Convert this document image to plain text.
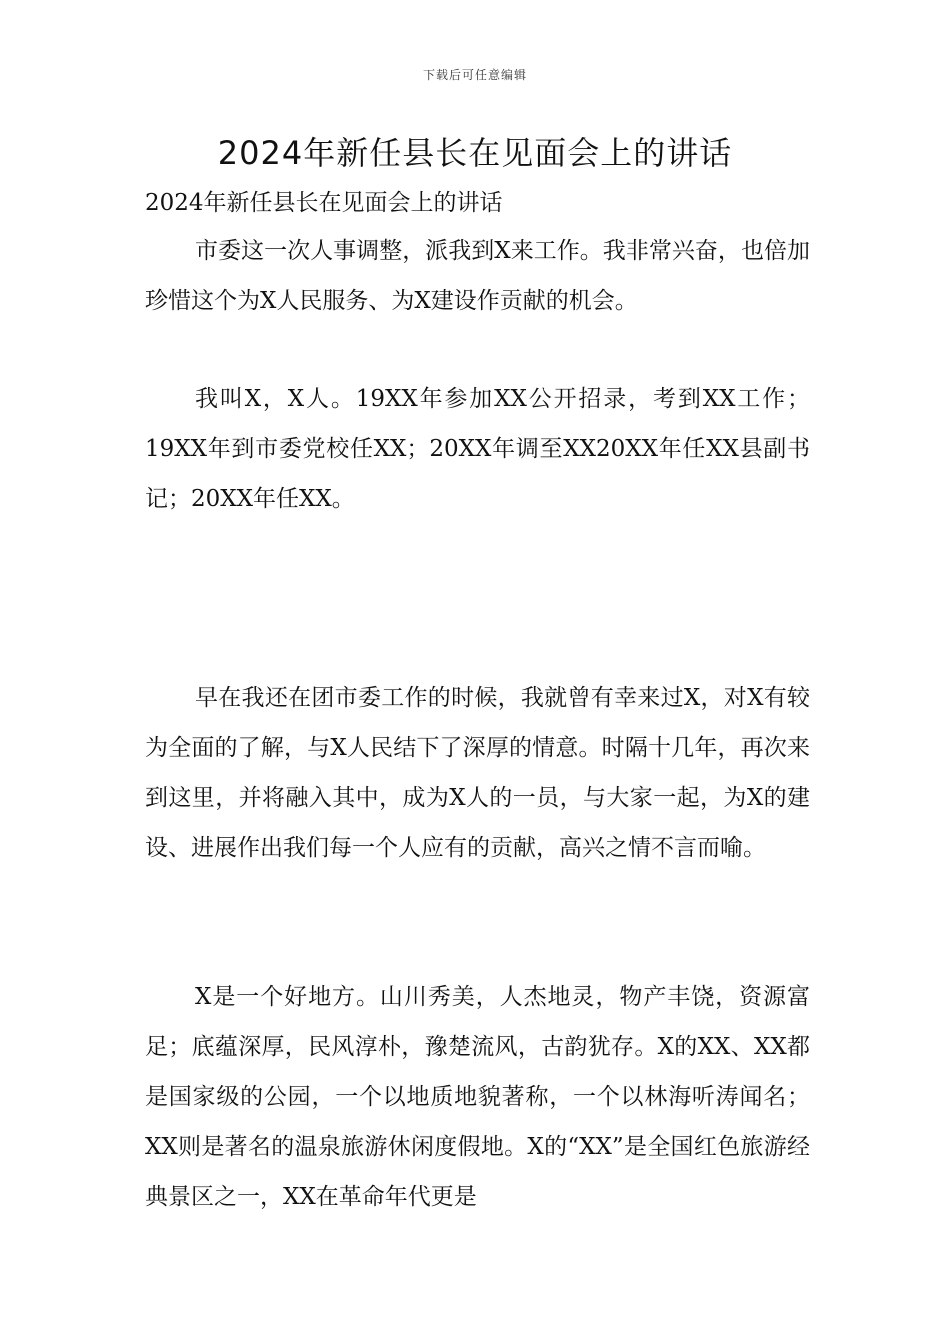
下载后可任意编辑
2024年新任县长在见面会上的讲话
2024年新任县长在见面会上的讲话

市委这一次人事调整，派我到X来工作。我非常兴奋，也倍加珍惜这个为X人民服务、为X建设作贡献的机会。

我叫X，X人。19XX年参加XX公开招录，考到XX工作；19XX年到市委党校任XX；20XX年调至XX20XX年任XX县副书记；20XX年任XX。

早在我还在团市委工作的时候，我就曾有幸来过X，对X有较为全面的了解，与X人民结下了深厚的情意。时隔十几年，再次来到这里，并将融入其中，成为X人的一员，与大家一起，为X的建设、进展作出我们每一个人应有的贡献，高兴之情不言而喻。

X是一个好地方。山川秀美，人杰地灵，物产丰饶，资源富足；底蕴深厚，民风淳朴，豫楚流风，古韵犹存。X的XX、XX都是国家级的公园，一个以地质地貌著称，一个以林海听涛闻名；XX则是著名的温泉旅游休闲度假地。X的“XX”是全国红色旅游经典景区之一，XX在革命年代更是
